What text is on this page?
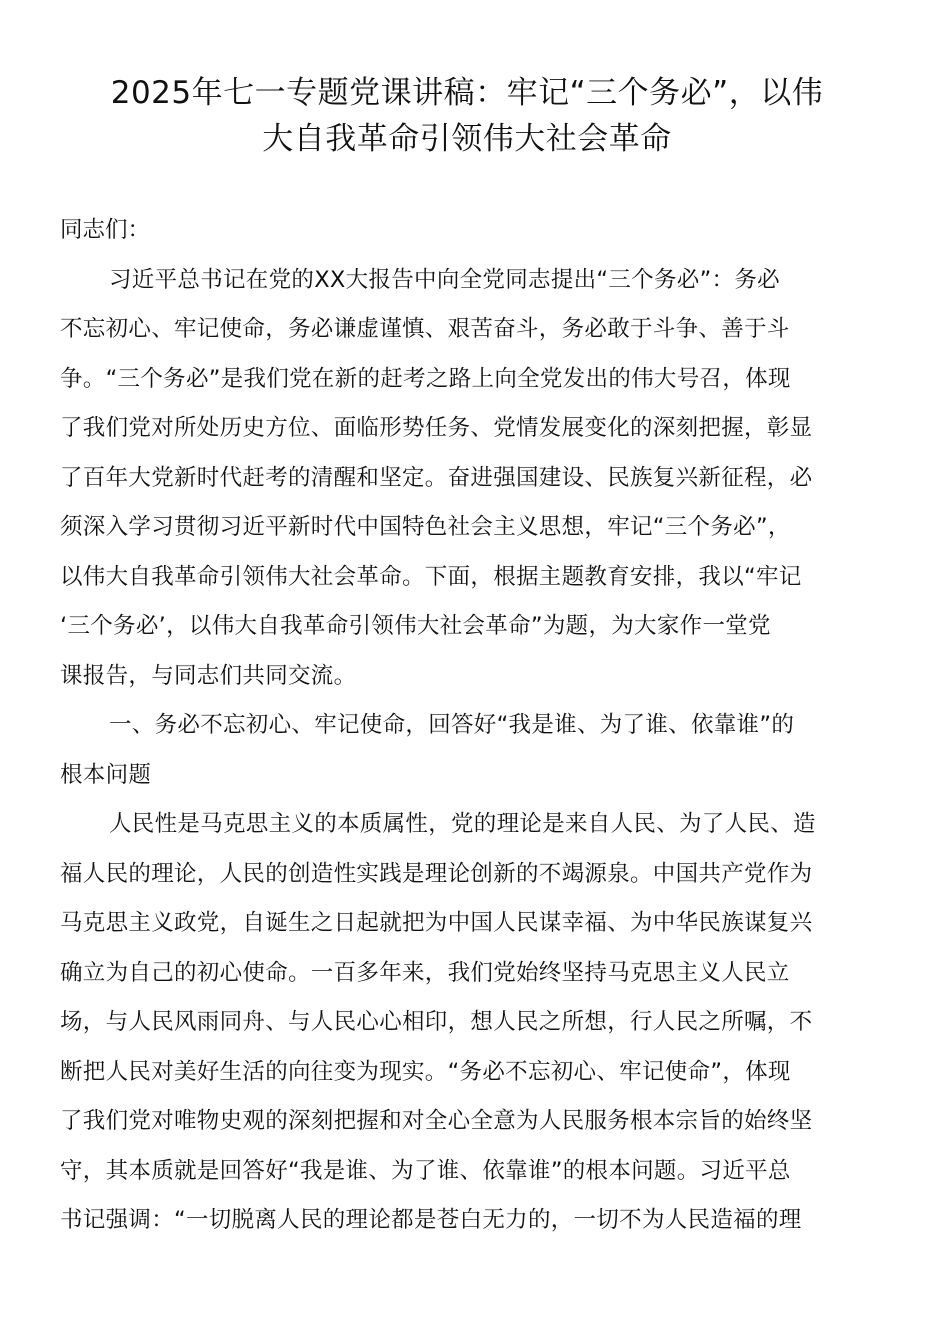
2025年七一专题党课讲稿：牢记“三个务必”，以伟
大自我革命引领伟大社会革命

同志们：

习近平总书记在党的XX大报告中向全党同志提出“三个务必”：务必
不忘初心、牢记使命，务必谦虚谨慎、艰苦奋斗，务必敢于斗争、善于斗
争。“三个务必”是我们党在新的赶考之路上向全党发出的伟大号召，体现
了我们党对所处历史方位、面临形势任务、党情发展变化的深刻把握，彰显
了百年大党新时代赶考的清醒和坚定。奋进强国建设、民族复兴新征程，必
须深入学习贯彻习近平新时代中国特色社会主义思想，牢记“三个务必”，
以伟大自我革命引领伟大社会革命。下面，根据主题教育安排，我以“牢记
‘三个务必’，以伟大自我革命引领伟大社会革命”为题，为大家作一堂党
课报告，与同志们共同交流。

一、务必不忘初心、牢记使命，回答好“我是谁、为了谁、依靠谁”的
根本问题

人民性是马克思主义的本质属性，党的理论是来自人民、为了人民、造
福人民的理论，人民的创造性实践是理论创新的不竭源泉。中国共产党作为
马克思主义政党，自诞生之日起就把为中国人民谋幸福、为中华民族谋复兴
确立为自己的初心使命。一百多年来，我们党始终坚持马克思主义人民立
场，与人民风雨同舟、与人民心心相印，想人民之所想，行人民之所嘱，不
断把人民对美好生活的向往变为现实。“务必不忘初心、牢记使命”，体现
了我们党对唯物史观的深刻把握和对全心全意为人民服务根本宗旨的始终坚
守，其本质就是回答好“我是谁、为了谁、依靠谁”的根本问题。习近平总
书记强调：“一切脱离人民的理论都是苍白无力的，一切不为人民造福的理
